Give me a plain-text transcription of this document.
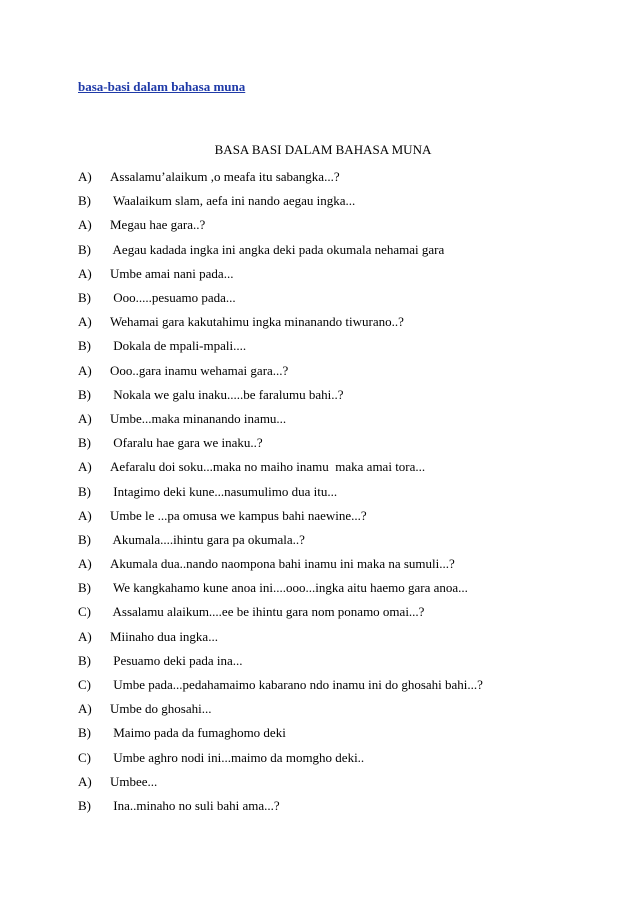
basa-basi dalam bahasa muna
BASA BASI DALAM BAHASA MUNA
A)	Assalamu’alaikum ,o meafa itu sabangka...?
B)	Waalaikum slam, aefa ini nando aegau ingka...
A)	Megau hae gara..?
B)	Aegau kadada ingka ini angka deki pada okumala nehamai gara
A)	Umbe amai nani pada...
B)	Ooo.....pesuamo pada...
A)	Wehamai gara kakutahimu ingka minanando tiwurano..?
B)	Dokala de mpali-mpali....
A)	Ooo..gara inamu wehamai gara...?
B)	Nokala we galu inaku.....be faralumu bahi..?
A)	Umbe...maka minanando inamu...
B)	Ofaralu hae gara we inaku..?
A)	Aefaralu doi soku...maka no maiho inamu  maka amai tora...
B)	Intagimo deki kune...nasumulimo dua itu...
A)	Umbe le ...pa omusa we kampus bahi naewine...?
B)	Akumala....ihintu gara pa okumala..?
A)	Akumala dua..nando naompona bahi inamu ini maka na sumuli...?
B)	We kangkahamo kune anoa ini....ooo...ingka aitu haemo gara anoa...
C)	Assalamu alaikum....ee be ihintu gara nom ponamo omai...?
A)	Miinaho dua ingka...
B)	Pesuamo deki pada ina...
C)	Umbe pada...pedahamaimo kabarano ndo inamu ini do ghosahi bahi...?
A)	Umbe do ghosahi...
B)	Maimo pada da fumaghomo deki
C)	Umbe aghro nodi ini...maimo da momgho deki..
A)	Umbee...
B)	Ina..minaho no suli bahi ama...?
